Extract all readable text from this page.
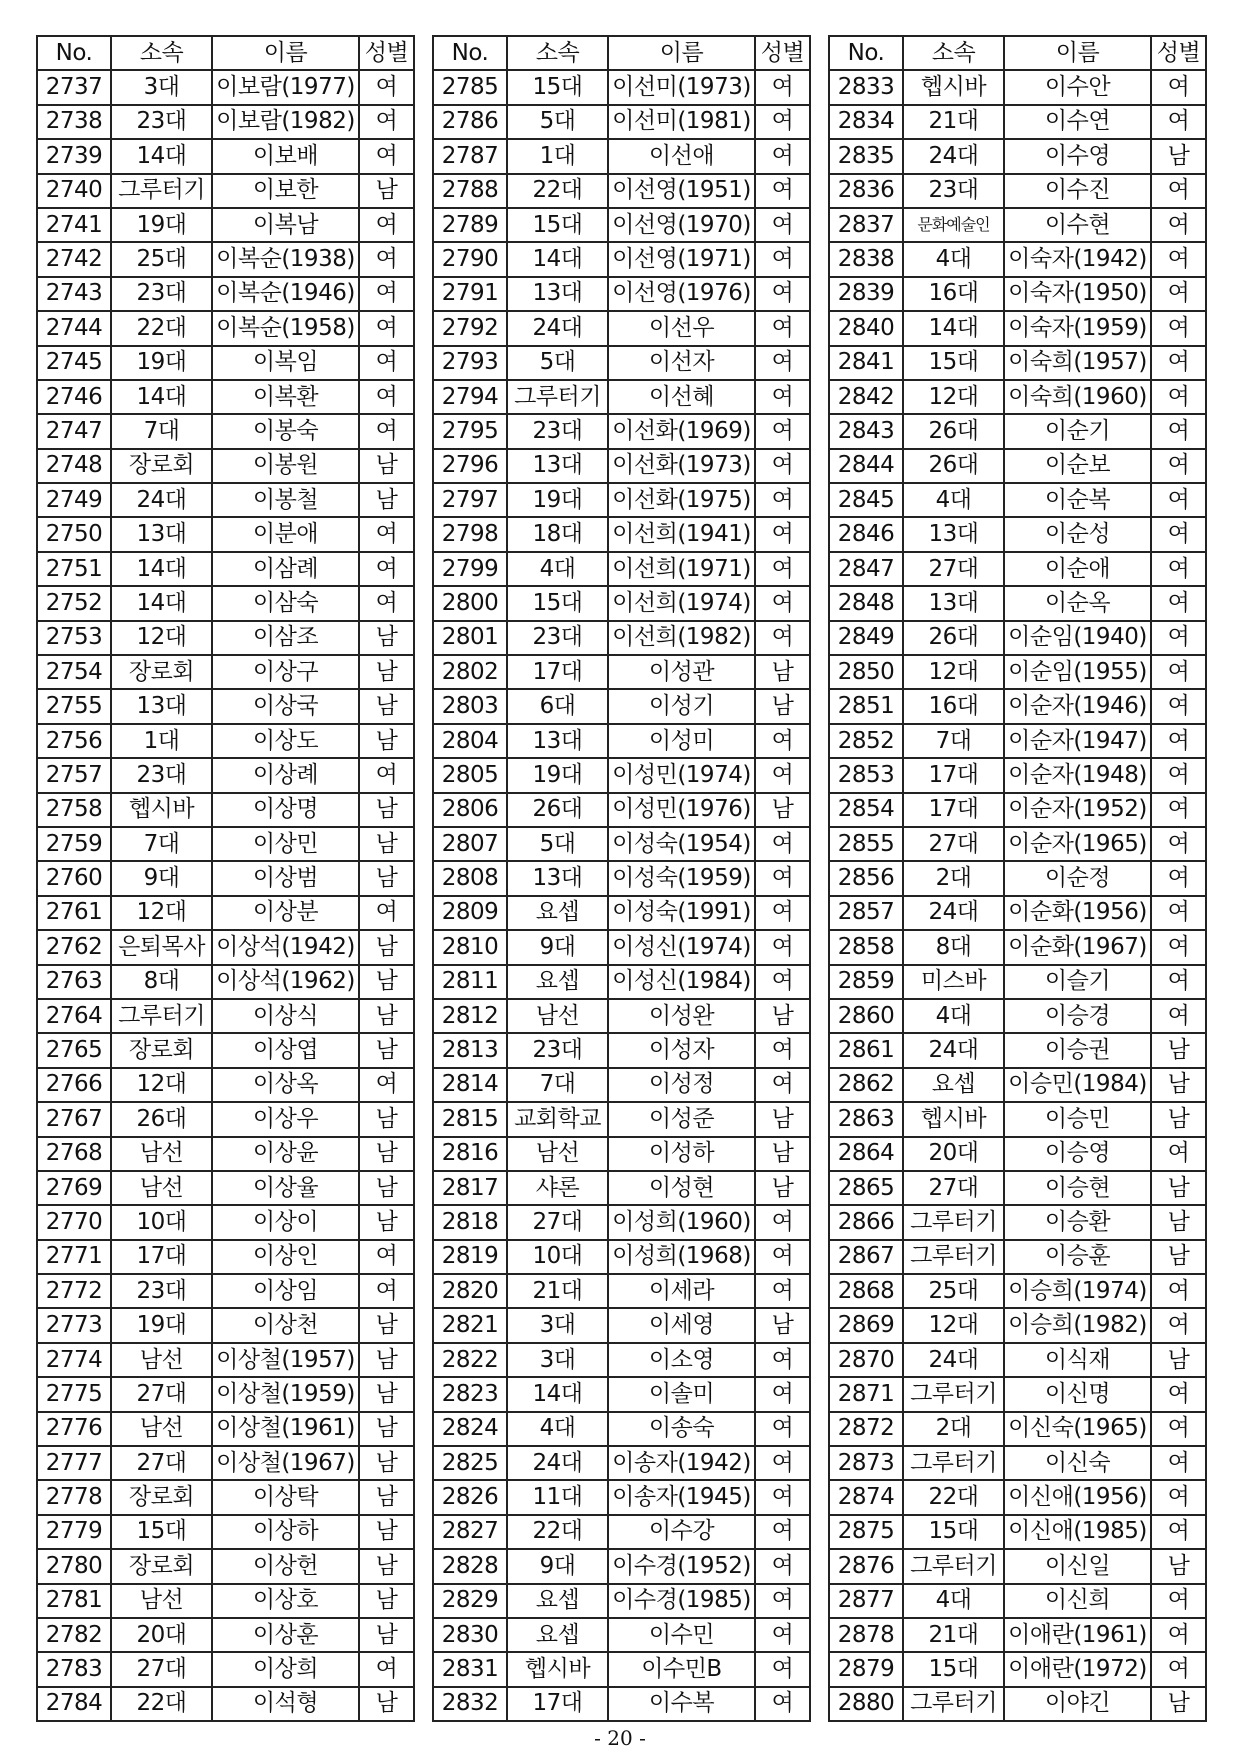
No.	소속	이름	성별
2737	3대	이보람(1977)	여
2738	23대	이보람(1982)	여
2739	14대	이보배	여
2740	그루터기	이보한	남
2741	19대	이복남	여
2742	25대	이복순(1938)	여
2743	23대	이복순(1946)	여
2744	22대	이복순(1958)	여
2745	19대	이복임	여
2746	14대	이복환	여
2747	7대	이봉숙	여
2748	장로회	이봉원	남
2749	24대	이봉철	남
2750	13대	이분애	여
2751	14대	이삼례	여
2752	14대	이삼숙	여
2753	12대	이삼조	남
2754	장로회	이상구	남
2755	13대	이상국	남
2756	1대	이상도	남
2757	23대	이상례	여
2758	헵시바	이상명	남
2759	7대	이상민	남
2760	9대	이상범	남
2761	12대	이상분	여
2762	은퇴목사	이상석(1942)	남
2763	8대	이상석(1962)	남
2764	그루터기	이상식	남
2765	장로회	이상엽	남
2766	12대	이상옥	여
2767	26대	이상우	남
2768	남선	이상윤	남
2769	남선	이상율	남
2770	10대	이상이	남
2771	17대	이상인	여
2772	23대	이상임	여
2773	19대	이상천	남
2774	남선	이상철(1957)	남
2775	27대	이상철(1959)	남
2776	남선	이상철(1961)	남
2777	27대	이상철(1967)	남
2778	장로회	이상탁	남
2779	15대	이상하	남
2780	장로회	이상헌	남
2781	남선	이상호	남
2782	20대	이상훈	남
2783	27대	이상희	여
2784	22대	이석형	남
No.	소속	이름	성별
2785	15대	이선미(1973)	여
2786	5대	이선미(1981)	여
2787	1대	이선애	여
2788	22대	이선영(1951)	여
2789	15대	이선영(1970)	여
2790	14대	이선영(1971)	여
2791	13대	이선영(1976)	여
2792	24대	이선우	여
2793	5대	이선자	여
2794	그루터기	이선혜	여
2795	23대	이선화(1969)	여
2796	13대	이선화(1973)	여
2797	19대	이선화(1975)	여
2798	18대	이선희(1941)	여
2799	4대	이선희(1971)	여
2800	15대	이선희(1974)	여
2801	23대	이선희(1982)	여
2802	17대	이성관	남
2803	6대	이성기	남
2804	13대	이성미	여
2805	19대	이성민(1974)	여
2806	26대	이성민(1976)	남
2807	5대	이성숙(1954)	여
2808	13대	이성숙(1959)	여
2809	요셉	이성숙(1991)	여
2810	9대	이성신(1974)	여
2811	요셉	이성신(1984)	여
2812	남선	이성완	남
2813	23대	이성자	여
2814	7대	이성정	여
2815	교회학교	이성준	남
2816	남선	이성하	남
2817	샤론	이성현	남
2818	27대	이성희(1960)	여
2819	10대	이성희(1968)	여
2820	21대	이세라	여
2821	3대	이세영	남
2822	3대	이소영	여
2823	14대	이솔미	여
2824	4대	이송숙	여
2825	24대	이송자(1942)	여
2826	11대	이송자(1945)	여
2827	22대	이수강	여
2828	9대	이수경(1952)	여
2829	요셉	이수경(1985)	여
2830	요셉	이수민	여
2831	헵시바	이수민B	여
2832	17대	이수복	여
No.	소속	이름	성별
2833	헵시바	이수안	여
2834	21대	이수연	여
2835	24대	이수영	남
2836	23대	이수진	여
2837	문화예술인	이수현	여
2838	4대	이숙자(1942)	여
2839	16대	이숙자(1950)	여
2840	14대	이숙자(1959)	여
2841	15대	이숙희(1957)	여
2842	12대	이숙희(1960)	여
2843	26대	이순기	여
2844	26대	이순보	여
2845	4대	이순복	여
2846	13대	이순성	여
2847	27대	이순애	여
2848	13대	이순옥	여
2849	26대	이순임(1940)	여
2850	12대	이순임(1955)	여
2851	16대	이순자(1946)	여
2852	7대	이순자(1947)	여
2853	17대	이순자(1948)	여
2854	17대	이순자(1952)	여
2855	27대	이순자(1965)	여
2856	2대	이순정	여
2857	24대	이순화(1956)	여
2858	8대	이순화(1967)	여
2859	미스바	이슬기	여
2860	4대	이승경	여
2861	24대	이승권	남
2862	요셉	이승민(1984)	남
2863	헵시바	이승민	남
2864	20대	이승영	여
2865	27대	이승현	남
2866	그루터기	이승환	남
2867	그루터기	이승훈	남
2868	25대	이승희(1974)	여
2869	12대	이승희(1982)	여
2870	24대	이식재	남
2871	그루터기	이신명	여
2872	2대	이신숙(1965)	여
2873	그루터기	이신숙	여
2874	22대	이신애(1956)	여
2875	15대	이신애(1985)	여
2876	그루터기	이신일	남
2877	4대	이신희	여
2878	21대	이애란(1961)	여
2879	15대	이애란(1972)	여
2880	그루터기	이야긴	남
- 20 -
